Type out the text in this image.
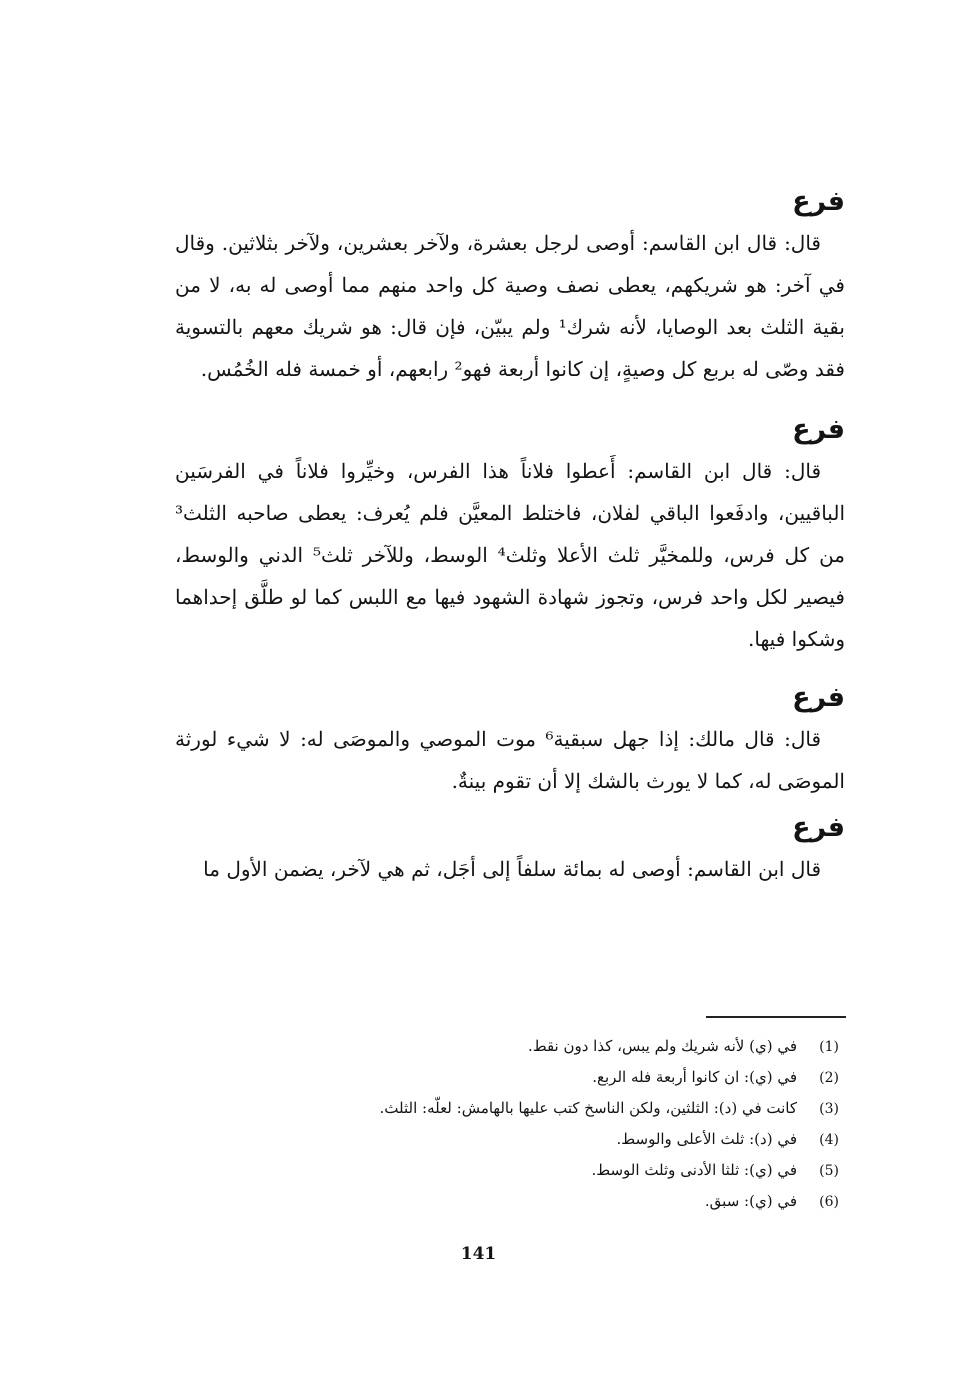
فرع

قال: قال ابن القاسم: أوصى لرجل بعشرة، ولآخر بعشرين، ولآخر بثلاثين. وقال في آخر: هو شريكهم، يعطى نصف وصية كل واحد منهم مما أوصى له به، لا من بقية الثلث بعد الوصايا، لأنه شرك¹ ولم يبيّن، فإن قال: هو شريك معهم بالتسوية فقد وصّى له بربع كل وصيةٍ، إن كانوا أربعة فهو² رابعهم، أو خمسة فله الخُمُس.

فرع

قال: قال ابن القاسم: أَعطوا فلاناً هذا الفرس، وخيِّروا فلاناً في الفرسَين الباقيين، وادفَعوا الباقي لفلان، فاختلط المعيَّن فلم يُعرف: يعطى صاحبه الثلث³ من كل فرس، وللمخيَّر ثلث الأعلا وثلث⁴ الوسط، وللآخر ثلث⁵ الدني والوسط، فيصير لكل واحد فرس، وتجوز شهادة الشهود فيها مع اللبس كما لو طلَّق إحداهما وشكوا فيها.

فرع

قال: قال مالك: إذا جهل سبقية⁶ موت الموصي والموصَى له: لا شيء لورثة الموصَى له، كما لا يورث بالشك إلا أن تقوم بينةٌ.

فرع

قال ابن القاسم: أوصى له بمائة سلفاً إلى أجَل، ثم هي لآخر، يضمن الأول ما

(1)في (ي) لأنه شريك ولم يبس، كذا دون نقط.
(2)في (ي): ان كانوا أربعة فله الربع.
(3)كانت في (د): الثلثين، ولكن الناسخ كتب عليها بالهامش: لعلّه: الثلث.
(4)في (د): ثلث الأعلى والوسط.
(5)في (ي): ثلثا الأدنى وثلث الوسط.
(6)في (ي): سبق.
141
